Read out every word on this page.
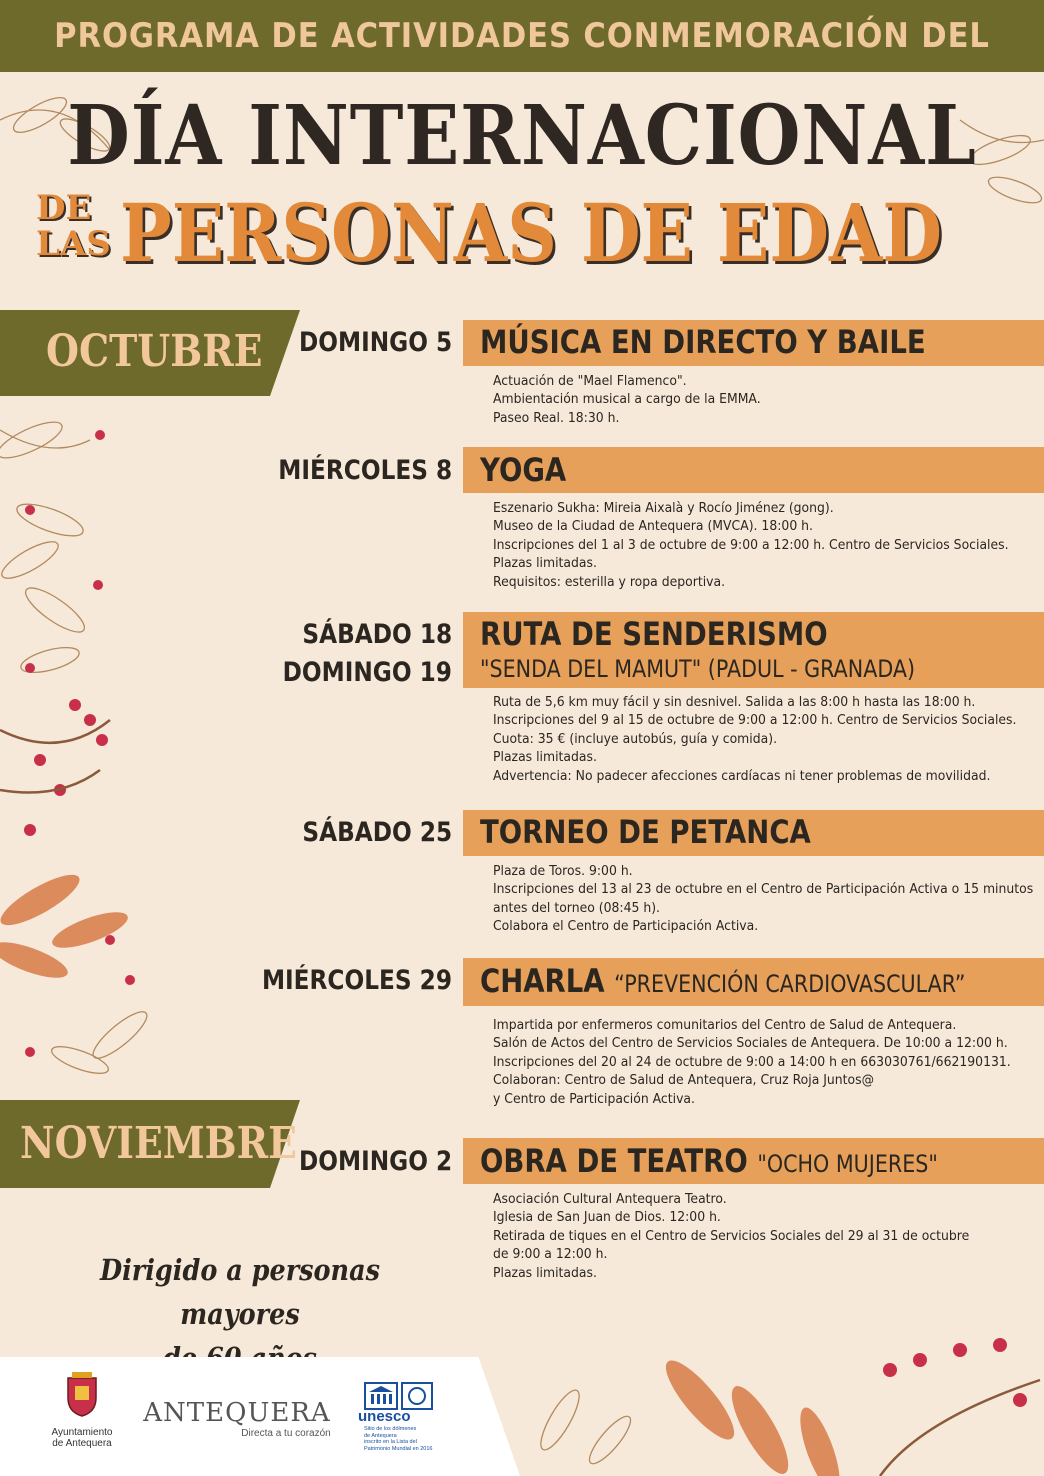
PROGRAMA DE ACTIVIDADES CONMEMORACIÓN DEL
DÍA INTERNACIONAL
DE
LAS PERSONAS DE EDAD
OCTUBRE DOMINGO 5 MÚSICA EN DIRECTO Y BAILE
Actuación de "Mael Flamenco".
Ambientación musical a cargo de la EMMA.
Paseo Real. 18:30 h.
MIÉRCOLES 8 YOGA
Eszenario Sukha: Mireia Aixalà y Rocío Jiménez (gong).
Museo de la Ciudad de Antequera (MVCA). 18:00 h.
Inscripciones del 1 al 3 de octubre de 9:00 a 12:00 h. Centro de Servicios Sociales.
Plazas limitadas.
Requisitos: esterilla y ropa deportiva.
SÁBADO 18
DOMINGO 19
RUTA DE SENDERISMO
"SENDA DEL MAMUT" (PADUL - GRANADA)
Ruta de 5,6 km muy fácil y sin desnivel. Salida a las 8:00 h hasta las 18:00 h.
Inscripciones del 9 al 15 de octubre de 9:00 a 12:00 h. Centro de Servicios Sociales.
Cuota: 35 € (incluye autobús, guía y comida).
Plazas limitadas.
Advertencia: No padecer afecciones cardíacas ni tener problemas de movilidad.
SÁBADO 25 TORNEO DE PETANCA
Plaza de Toros. 9:00 h.
Inscripciones del 13 al 23 de octubre en el Centro de Participación Activa o 15 minutos
antes del torneo (08:45 h).
Colabora el Centro de Participación Activa.
MIÉRCOLES 29 CHARLA “PREVENCIÓN CARDIOVASCULAR”
Impartida por enfermeros comunitarios del Centro de Salud de Antequera.
Salón de Actos del Centro de Servicios Sociales de Antequera. De 10:00 a 12:00 h.
Inscripciones del 20 al 24 de octubre de 9:00 a 14:00 h en 663030761/662190131.
Colaboran: Centro de Salud de Antequera, Cruz Roja Juntos@
y Centro de Participación Activa.
NOVIEMBRE DOMINGO 2 OBRA DE TEATRO "OCHO MUJERES"
Asociación Cultural Antequera Teatro.
Iglesia de San Juan de Dios. 12:00 h.
Retirada de tiques en el Centro de Servicios Sociales del 29 al 31 de octubre
de 9:00 a 12:00 h.
Plazas limitadas.
Dirigido a personas mayores
Ayuntamiento
de Antequera
ANTEQUERA
Directa a tu corazón
unesco
Sitio de los dólmenes
de Antequera
inscrito en la Lista del
Patrimonio Mundial en 2016
